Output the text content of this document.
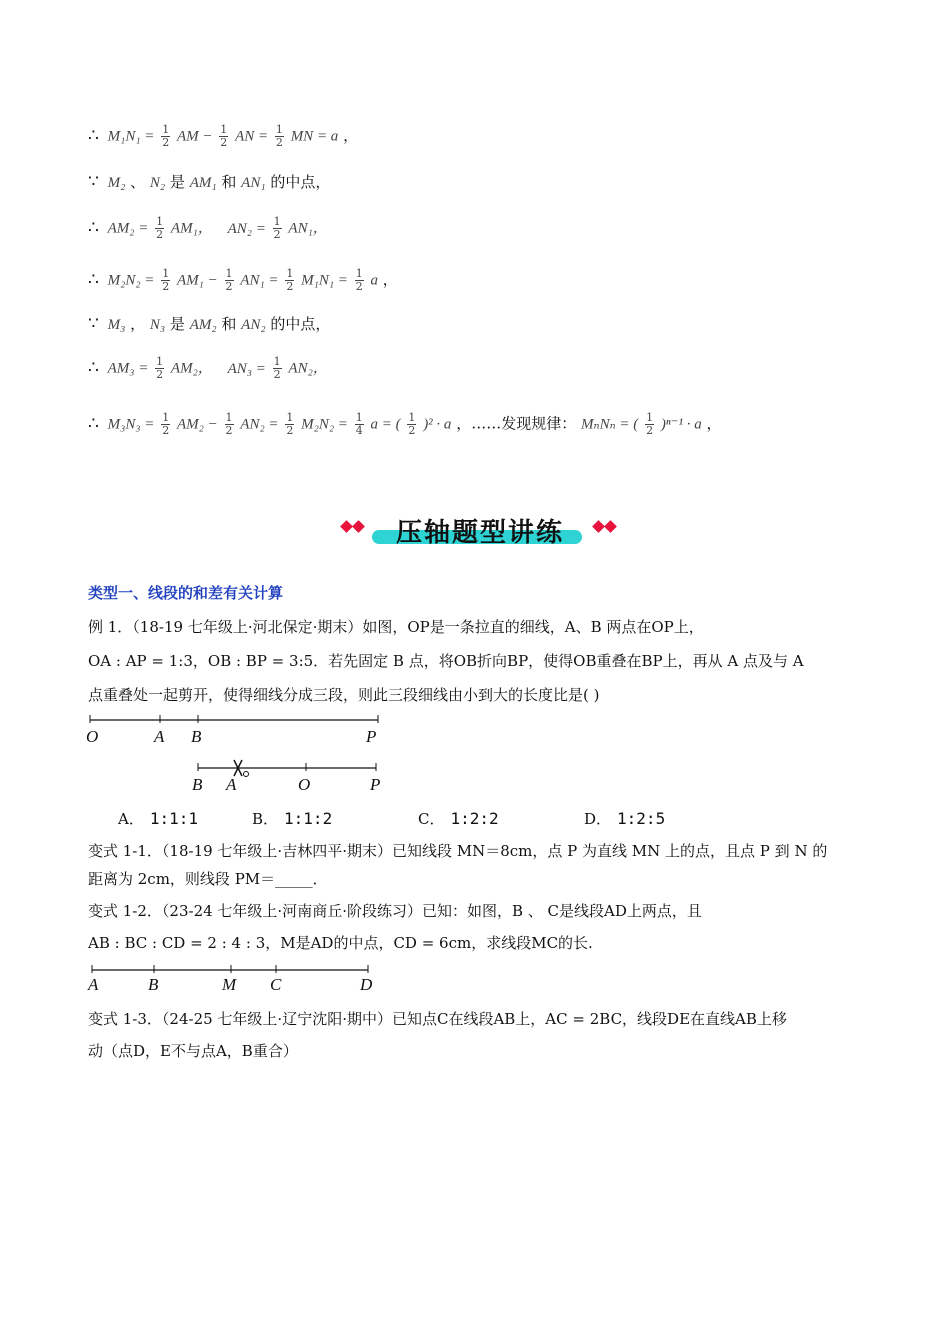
∴ $M_1N_1 = \frac{1}{2}$ AM − $\frac{1}{2}$ AN = $\frac{1}{2}$ MN = a ，
∵ M₂ 、 N₂ 是 AM₁ 和 AN₁ 的中点，
∴ $AM_2 = \frac{1}{2} AM_1$， $AN_2 = \frac{1}{2} AN_1$，
∴ $M_2N_2 = \frac{1}{2} AM_1 - \frac{1}{2} AN_1 = \frac{1}{2} M_1N_1 = \frac{1}{2}$ a ，
∵ M₃ ， N₃ 是 AM₂ 和 AN₂ 的中点，
∴ $AM_3 = \frac{1}{2} AM_2$， $AN_3 = \frac{1}{2} AN_2$，
∴ $M_3N_3 = \frac{1}{2} AM_2 - \frac{1}{2} AN_2 = \frac{1}{2} M_2N_2 = \frac{1}{4}$ a = ( $\frac{1}{2} )^2 \cdot a$ ，……发现规律： MₙNₙ = ( $\frac{1}{2} )^{n-1} \cdot a$ ，
压轴题型讲练
类型一、线段的和差有关计算
例 1．（18-19 七年级上·河北保定·期末）如图，OP是一条拉直的细线，A、B 两点在OP上，
OA : AP = 1:3，OB : BP = 3:5．若先固定 B 点，将OB折向BP，使得OB重叠在BP上，再从 A 点及与 A
点重叠处一起剪开，使得细线分成三段，则此三段细线由小到大的长度比是( )
O	A B	P
B A	O	P
A． 1:1:1	B． 1:1:2	C． 1:2:2	D． 1:2:5
变式 1-1．（18-19 七年级上·吉林四平·期末）已知线段 MN＝8cm，点 P 为直线 MN 上的点，且点 P 到 N 的
距离为 2cm，则线段 PM＝_____．
变式 1-2．（23-24 七年级上·河南商丘·阶段练习）已知：如图，B 、 C是线段AD上两点，且
AB : BC : CD = 2 : 4 : 3，M是AD的中点，CD = 6cm，求线段MC的长.
A	B	M C	D
变式 1-3．（24-25 七年级上·辽宁沈阳·期中）已知点C在线段AB上，AC = 2BC，线段DE在直线AB上移
动（点D，E不与点A，B重合）
